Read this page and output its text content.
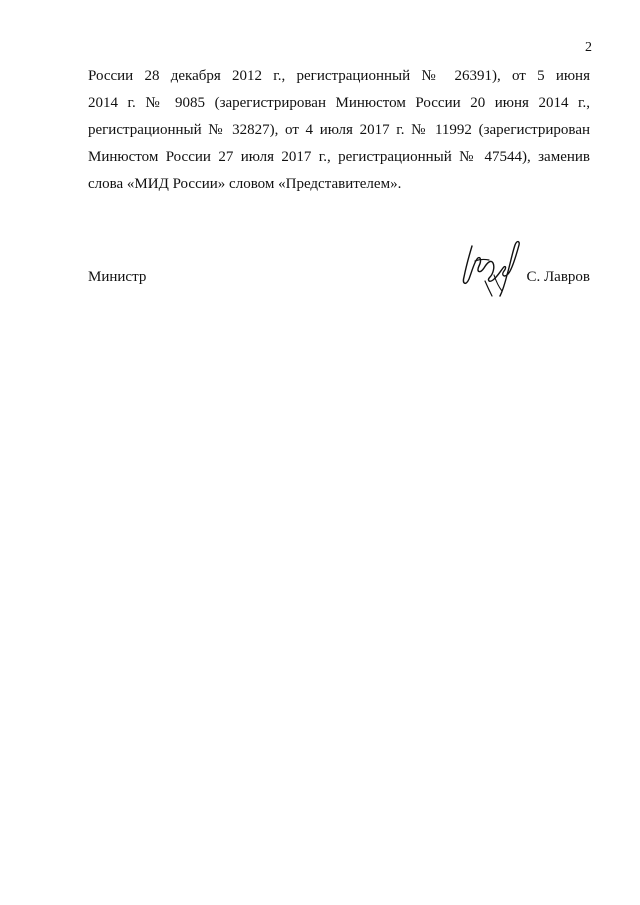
2
России 28 декабря 2012 г., регистрационный № 26391), от 5 июня
2014 г. № 9085 (зарегистрирован Минюстом России 20 июня 2014 г.,
регистрационный № 32827), от 4 июля 2017 г. № 11992 (зарегистрирован
Минюстом России 27 июля 2017 г., регистрационный № 47544), заменив
слова «МИД России» словом «Представителем».
Министр	С. Лавров
